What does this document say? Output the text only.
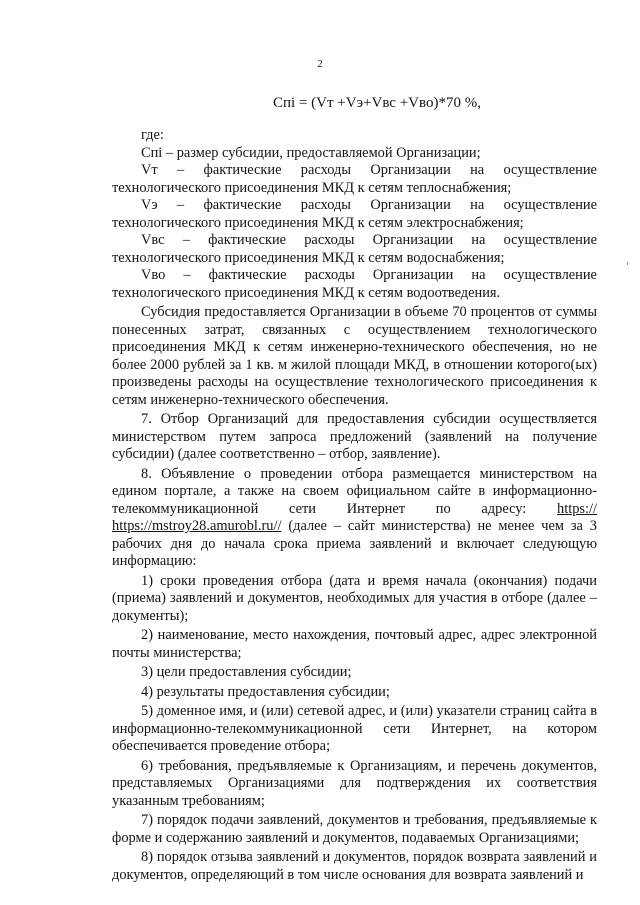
2
Спі = (Vт +Vэ+Vвс +Vво)*70 %,

где:

Спі – размер субсидии, предоставляемой Организации;

Vт – фактические расходы Организации на осуществление

технологического присоединения МКД к сетям теплоснабжения;

Vэ – фактические расходы Организации на осуществление

технологического присоединения МКД к сетям электроснабжения;

Vвс – фактические расходы Организации на осуществление

технологического присоединения МКД к сетям водоснабжения;

Vво – фактические расходы Организации на осуществление

технологического присоединения МКД к сетям водоотведения.

Субсидия предоставляется Организации в объеме 70 процентов от суммы понесенных затрат, связанных с осуществлением технологического присоединения МКД к сетям инженерно-технического обеспечения, но не более 2000 рублей за 1 кв. м жилой площади МКД, в отношении которого(ых) произведены расходы на осуществление технологического присоединения к сетям инженерно-технического обеспечения.

7. Отбор Организаций для предоставления субсидии осуществляется министерством путем запроса предложений (заявлений на получение субсидии) (далее соответственно – отбор, заявление).

8. Объявление о проведении отбора размещается министерством на едином портале, а также на своем официальном сайте в информационно-телекоммуникационной сети Интернет по адресу: https:// https://mstroy28.amurobl.ru// (далее – сайт министерства) не менее чем за 3 рабочих дня до начала срока приема заявлений и включает следующую информацию:

1) сроки проведения отбора (дата и время начала (окончания) подачи (приема) заявлений и документов, необходимых для участия в отборе (далее – документы);

2) наименование, место нахождения, почтовый адрес, адрес электронной почты министерства;

3) цели предоставления субсидии;

4) результаты предоставления субсидии;

5) доменное имя, и (или) сетевой адрес, и (или) указатели страниц сайта в информационно-телекоммуникационной сети Интернет, на котором обеспечивается проведение отбора;

6) требования, предъявляемые к Организациям, и перечень документов, представляемых Организациями для подтверждения их соответствия указанным требованиям;

7) порядок подачи заявлений, документов и требования, предъявляемые к форме и содержанию заявлений и документов, подаваемых Организациями;

8) порядок отзыва заявлений и документов, порядок возврата заявлений и документов, определяющий в том числе основания для возврата заявлений и
